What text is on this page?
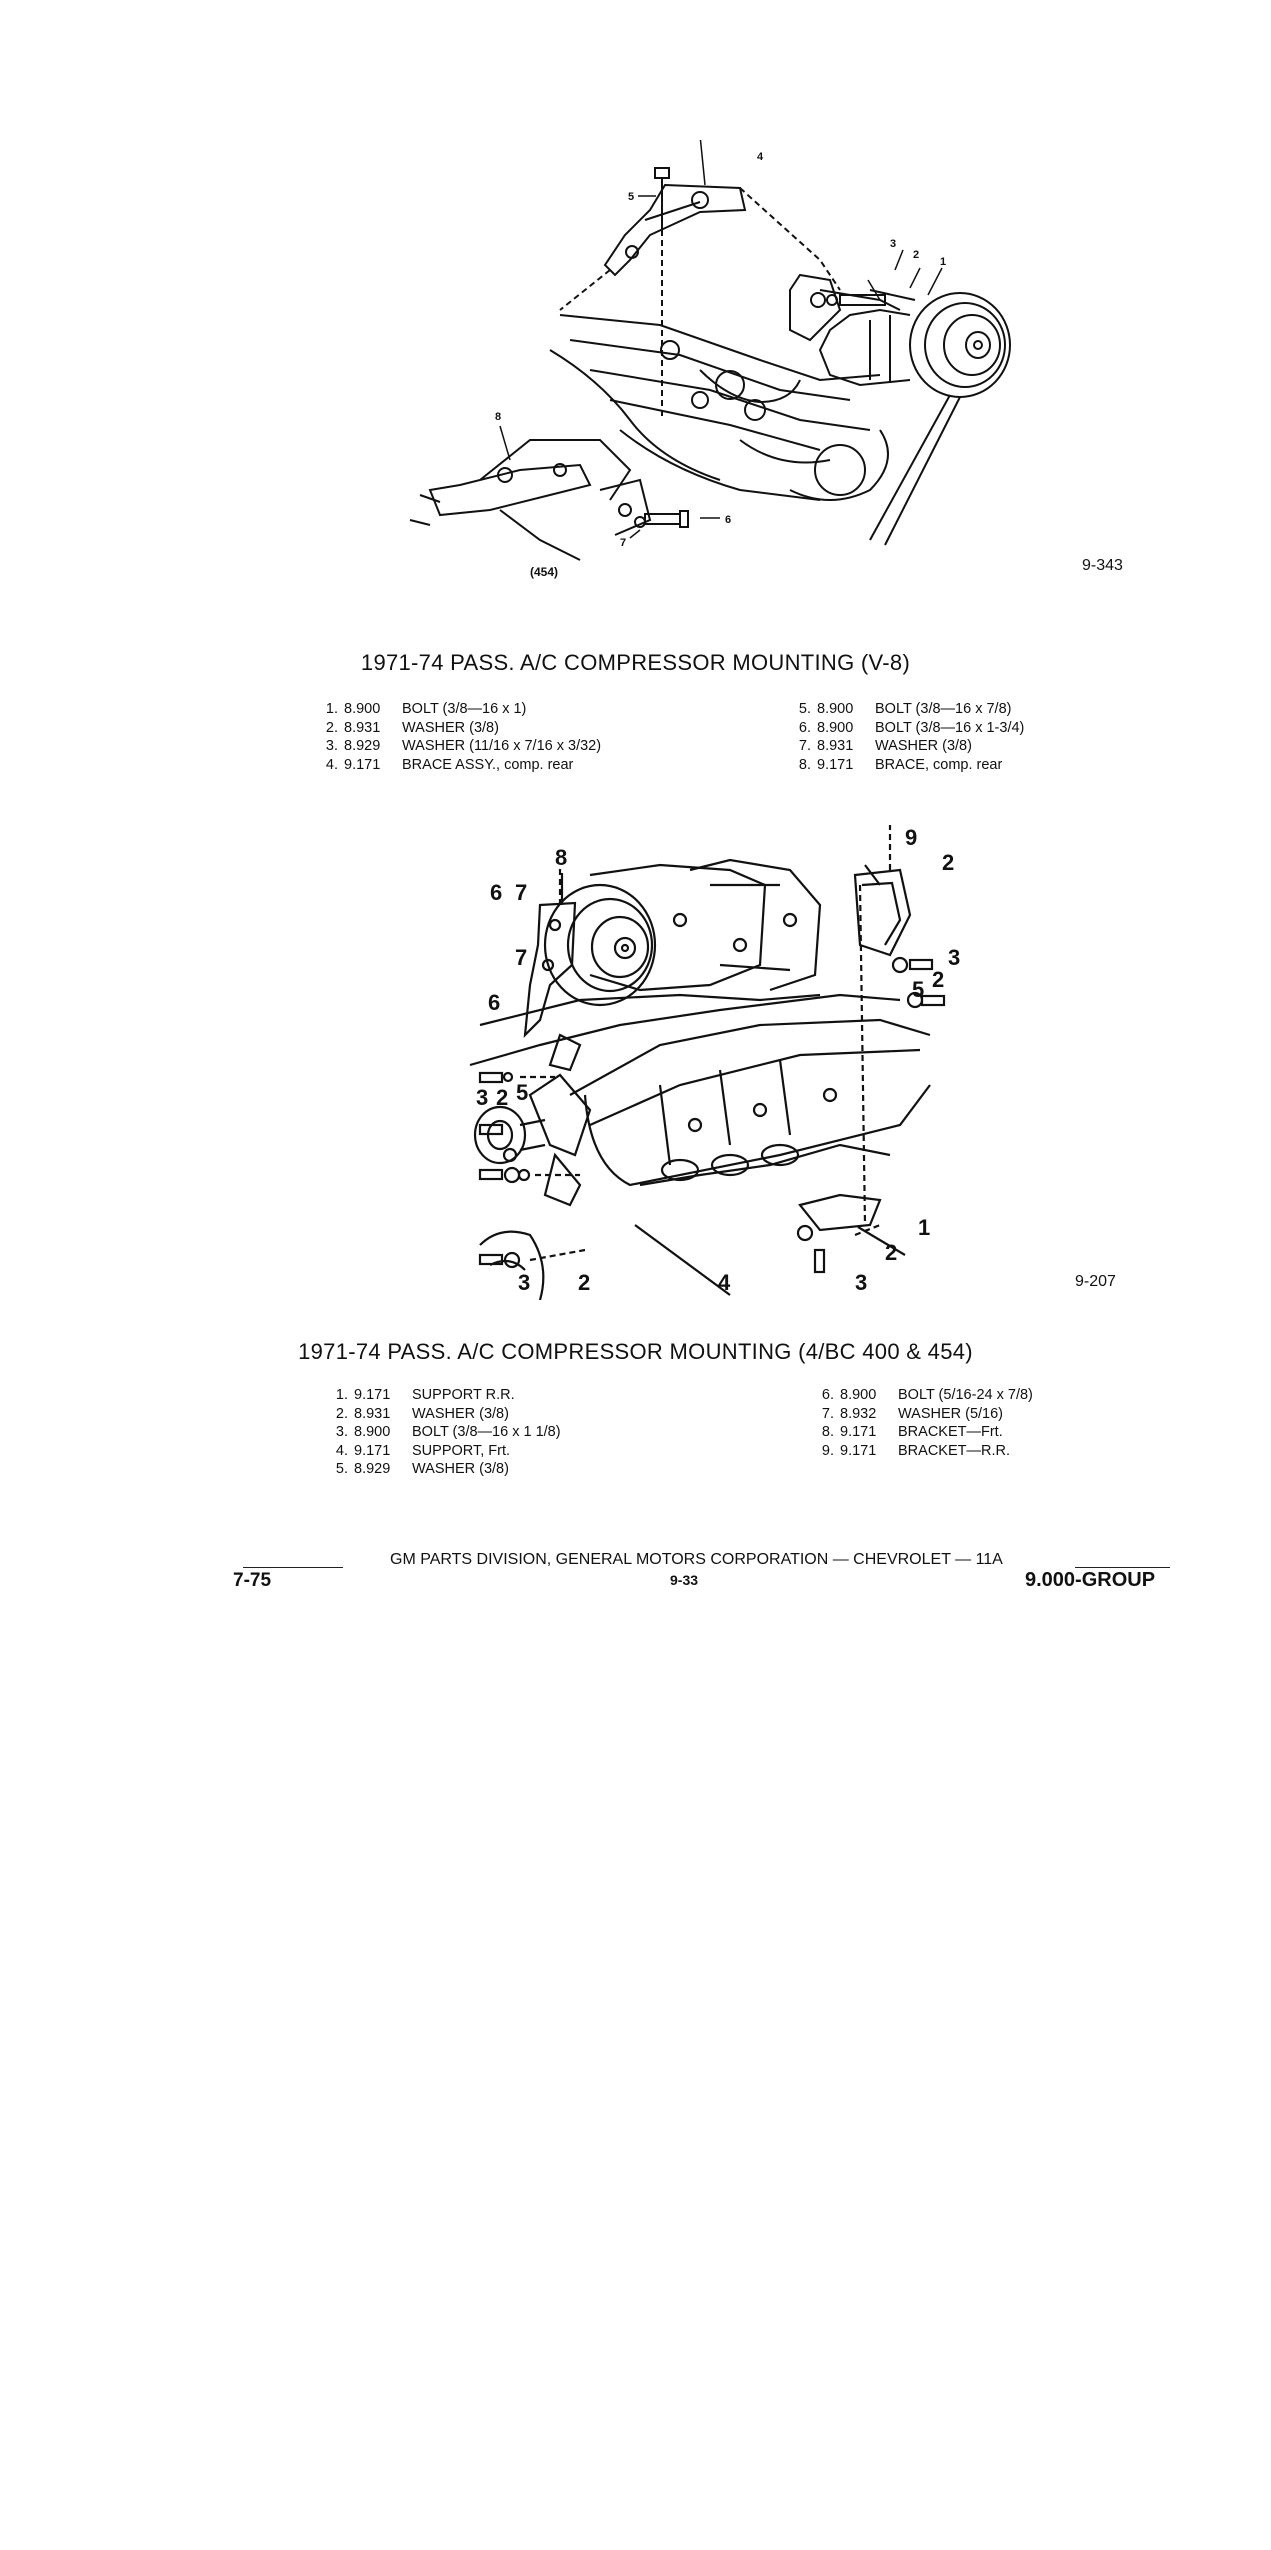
5
4
3
2
1
8
6
7
(454)	9-343
1971-74 PASS. A/C COMPRESSOR MOUNTING (V-8)
1. 8.900 BOLT (3/8—16 x 1)
2. 8.931 WASHER (3/8)
3. 8.929 WASHER (11/16 x 7/16 x 3/32)
4. 9.171 BRACE ASSY., comp. rear
5. 8.900 BOLT (3/8—16 x 7/8)
6. 8.900 BOLT (3/8—16 x 1-3/4)
7. 8.931 WASHER (3/8)
8. 9.171 BRACE, comp. rear
8
6 7
7
6
3 2 5
3 2	4
9
2
3
2
5
1
2
3	9-207
1971-74 PASS. A/C COMPRESSOR MOUNTING (4/BC 400 & 454)
1. 9.171 SUPPORT R.R.
2. 8.931 WASHER (3/8)
3. 8.900 BOLT (3/8—16 x 1 1/8)
4. 9.171 SUPPORT, Frt.
5. 8.929 WASHER (3/8)
6. 8.900 BOLT (5/16-24 x 7/8)
7. 8.932 WASHER (5/16)
8. 9.171 BRACKET—Frt.
9. 9.171 BRACKET—R.R.
GM PARTS DIVISION, GENERAL MOTORS CORPORATION — CHEVROLET — 11A
7-75	9-33	9.000-GROUP
